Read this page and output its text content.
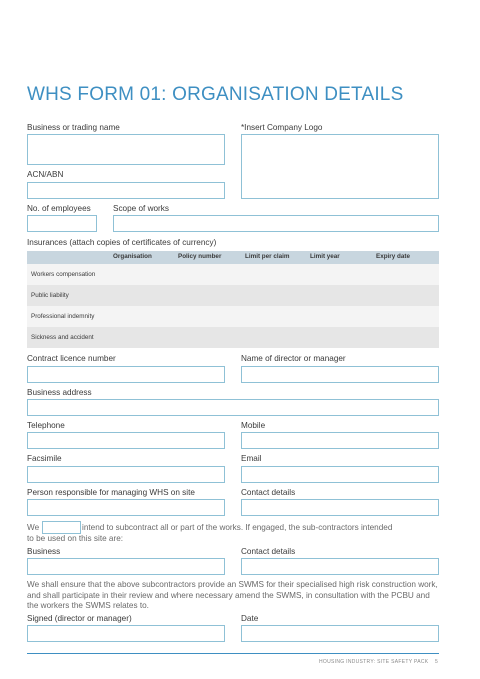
WHS FORM 01: ORGANISATION DETAILS
Business or trading name	*Insert Company Logo
ACN/ABN
No. of employees	Scope of works
Insurances (attach copies of certificates of currency)
Organisation	Policy number	Limit per claim	Limit year	Expiry date
Workers compensation
Public liability
Professional indemnity
Sickness and accident
Contract licence number	Name of director or manager
Business address
Telephone	Mobile
Facsimile	Email
Person responsible for managing WHS on site	Contact details
We	intend to subcontract all or part of the works. If engaged, the sub-contractors intended
to be used on this site are:
Business	Contact details
We shall ensure that the above subcontractors provide an SWMS for their specialised high risk construction work, and shall participate in their review and where necessary amend the SWMS, in consultation with the PCBU and the workers the SWMS relates to.
Signed (director or manager)	Date
HOUSING INDUSTRY: SITE SAFETY PACK 5
